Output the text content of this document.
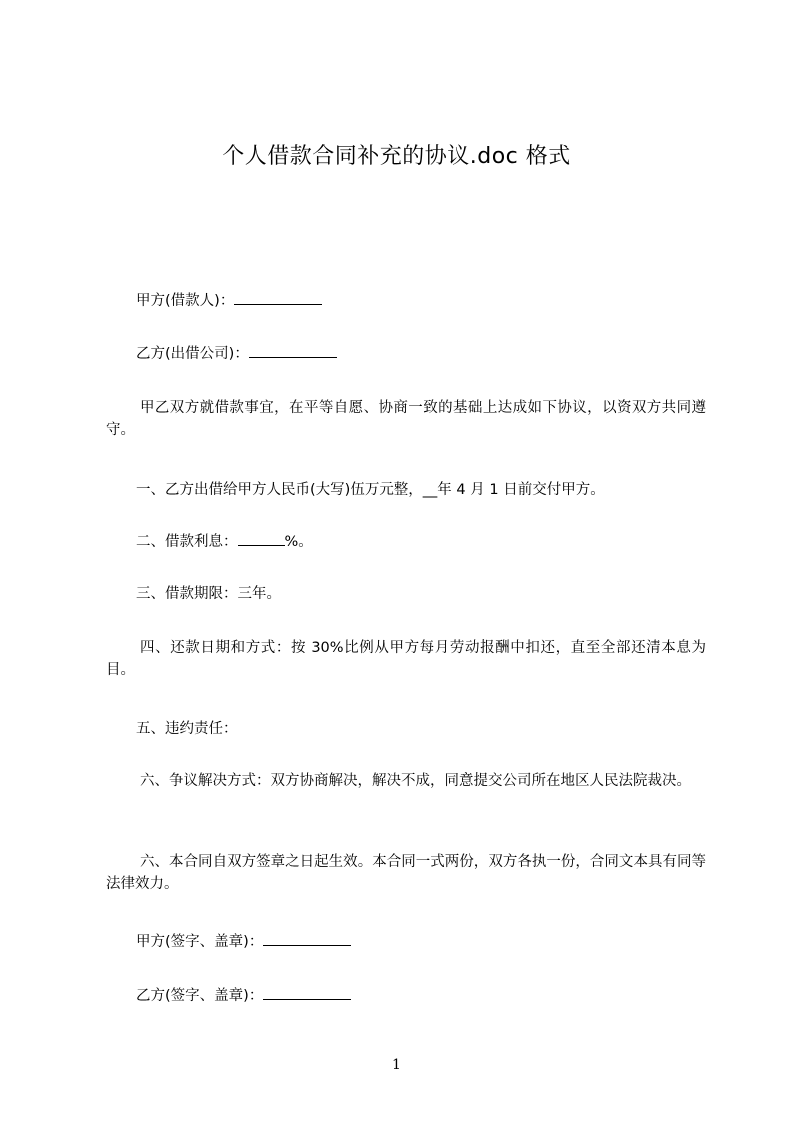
个人借款合同补充的协议.doc 格式
甲方(借款人)：
乙方(出借公司)：
甲乙双方就借款事宜，在平等自愿、协商一致的基础上达成如下协议，以资双方共同遵守。
一、乙方出借给甲方人民币(大写)伍万元整，__年 4 月 1 日前交付甲方。
二、借款利息：	%。
三、借款期限：三年。
四、还款日期和方式：按 30%比例从甲方每月劳动报酬中扣还，直至全部还清本息为目。
五、违约责任：
六、争议解决方式：双方协商解决，解决不成，同意提交公司所在地区人民法院裁决。
六、本合同自双方签章之日起生效。本合同一式两份，双方各执一份，合同文本具有同等法律效力。
甲方(签字、盖章)：
乙方(签字、盖章)：
1
